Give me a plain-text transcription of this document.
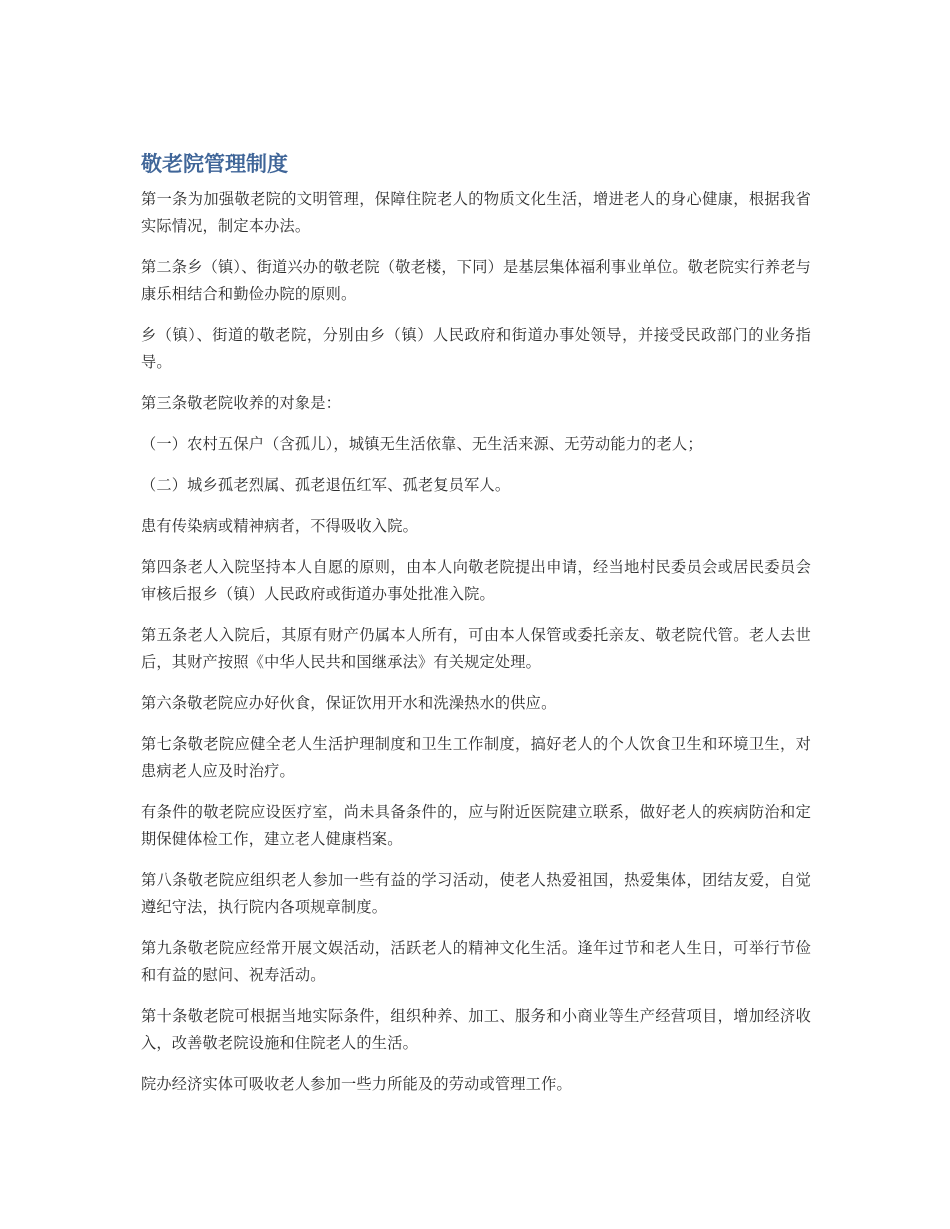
敬老院管理制度

第一条为加强敬老院的文明管理，保障住院老人的物质文化生活，增进老人的身心健康，根据我省实际情况，制定本办法。

第二条乡（镇）、街道兴办的敬老院（敬老楼，下同）是基层集体福利事业单位。敬老院实行养老与康乐相结合和勤俭办院的原则。

乡（镇）、街道的敬老院，分别由乡（镇）人民政府和街道办事处领导，并接受民政部门的业务指导。

第三条敬老院收养的对象是：

（一）农村五保户（含孤儿），城镇无生活依靠、无生活来源、无劳动能力的老人；

（二）城乡孤老烈属、孤老退伍红军、孤老复员军人。

患有传染病或精神病者，不得吸收入院。

第四条老人入院坚持本人自愿的原则，由本人向敬老院提出申请，经当地村民委员会或居民委员会审核后报乡（镇）人民政府或街道办事处批准入院。

第五条老人入院后，其原有财产仍属本人所有，可由本人保管或委托亲友、敬老院代管。老人去世后，其财产按照《中华人民共和国继承法》有关规定处理。

第六条敬老院应办好伙食，保证饮用开水和洗澡热水的供应。

第七条敬老院应健全老人生活护理制度和卫生工作制度，搞好老人的个人饮食卫生和环境卫生，对患病老人应及时治疗。

有条件的敬老院应设医疗室，尚未具备条件的，应与附近医院建立联系，做好老人的疾病防治和定期保健体检工作，建立老人健康档案。

第八条敬老院应组织老人参加一些有益的学习活动，使老人热爱祖国，热爱集体，团结友爱，自觉遵纪守法，执行院内各项规章制度。

第九条敬老院应经常开展文娱活动，活跃老人的精神文化生活。逢年过节和老人生日，可举行节俭和有益的慰问、祝寿活动。

第十条敬老院可根据当地实际条件，组织种养、加工、服务和小商业等生产经营项目，增加经济收入，改善敬老院设施和住院老人的生活。

院办经济实体可吸收老人参加一些力所能及的劳动或管理工作。
